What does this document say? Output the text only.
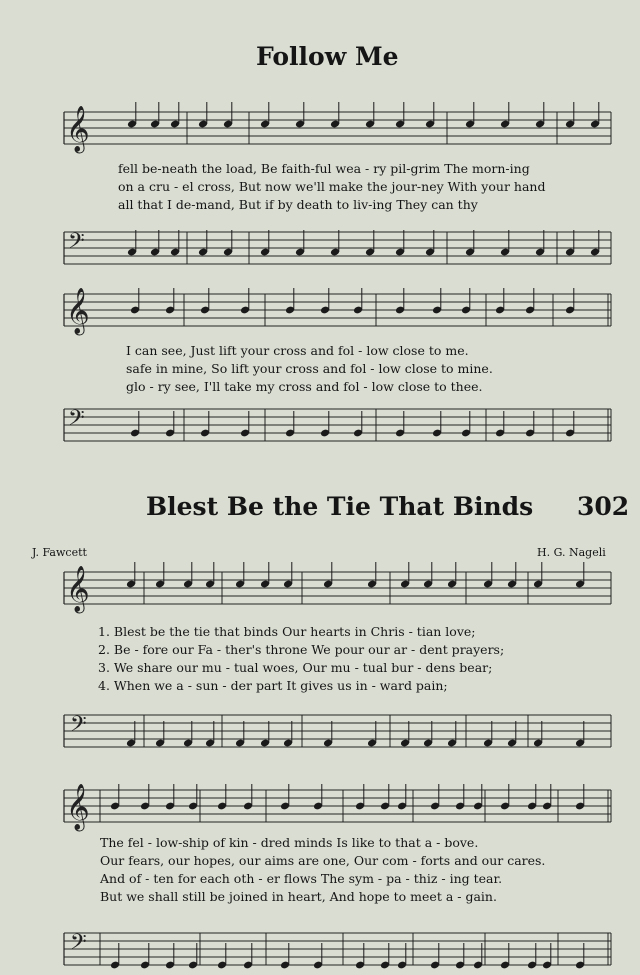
𝄞
𝄢
𝄞
𝄢
𝄞
𝄢
𝄞
𝄢
Follow Me
fell be-neath the load, Be faith-ful wea - ry pil-grim The morn-ing
on a cru - el cross, But now we'll make the jour-ney With your hand
all that I de-mand, But if by death to liv-ing They can thy
I can see, Just lift your cross and fol - low close to me.
safe in mine, So lift your cross and fol - low close to mine.
glo - ry see, I'll take my cross and fol - low close to thee.
Blest Be the Tie That Binds 302
J. Fawcett	H. G. Nageli
1. Blest be the tie that binds Our hearts in Chris - tian love;
2. Be - fore our Fa - ther's throne We pour our ar - dent prayers;
3. We share our mu - tual woes, Our mu - tual bur - dens bear;
4. When we a - sun - der part It gives us in - ward pain;
The fel - low-ship of kin - dred minds Is like to that a - bove.
Our fears, our hopes, our aims are one, Our com - forts and our cares.
And of - ten for each oth - er flows The sym - pa - thiz - ing tear.
But we shall still be joined in heart, And hope to meet a - gain.
